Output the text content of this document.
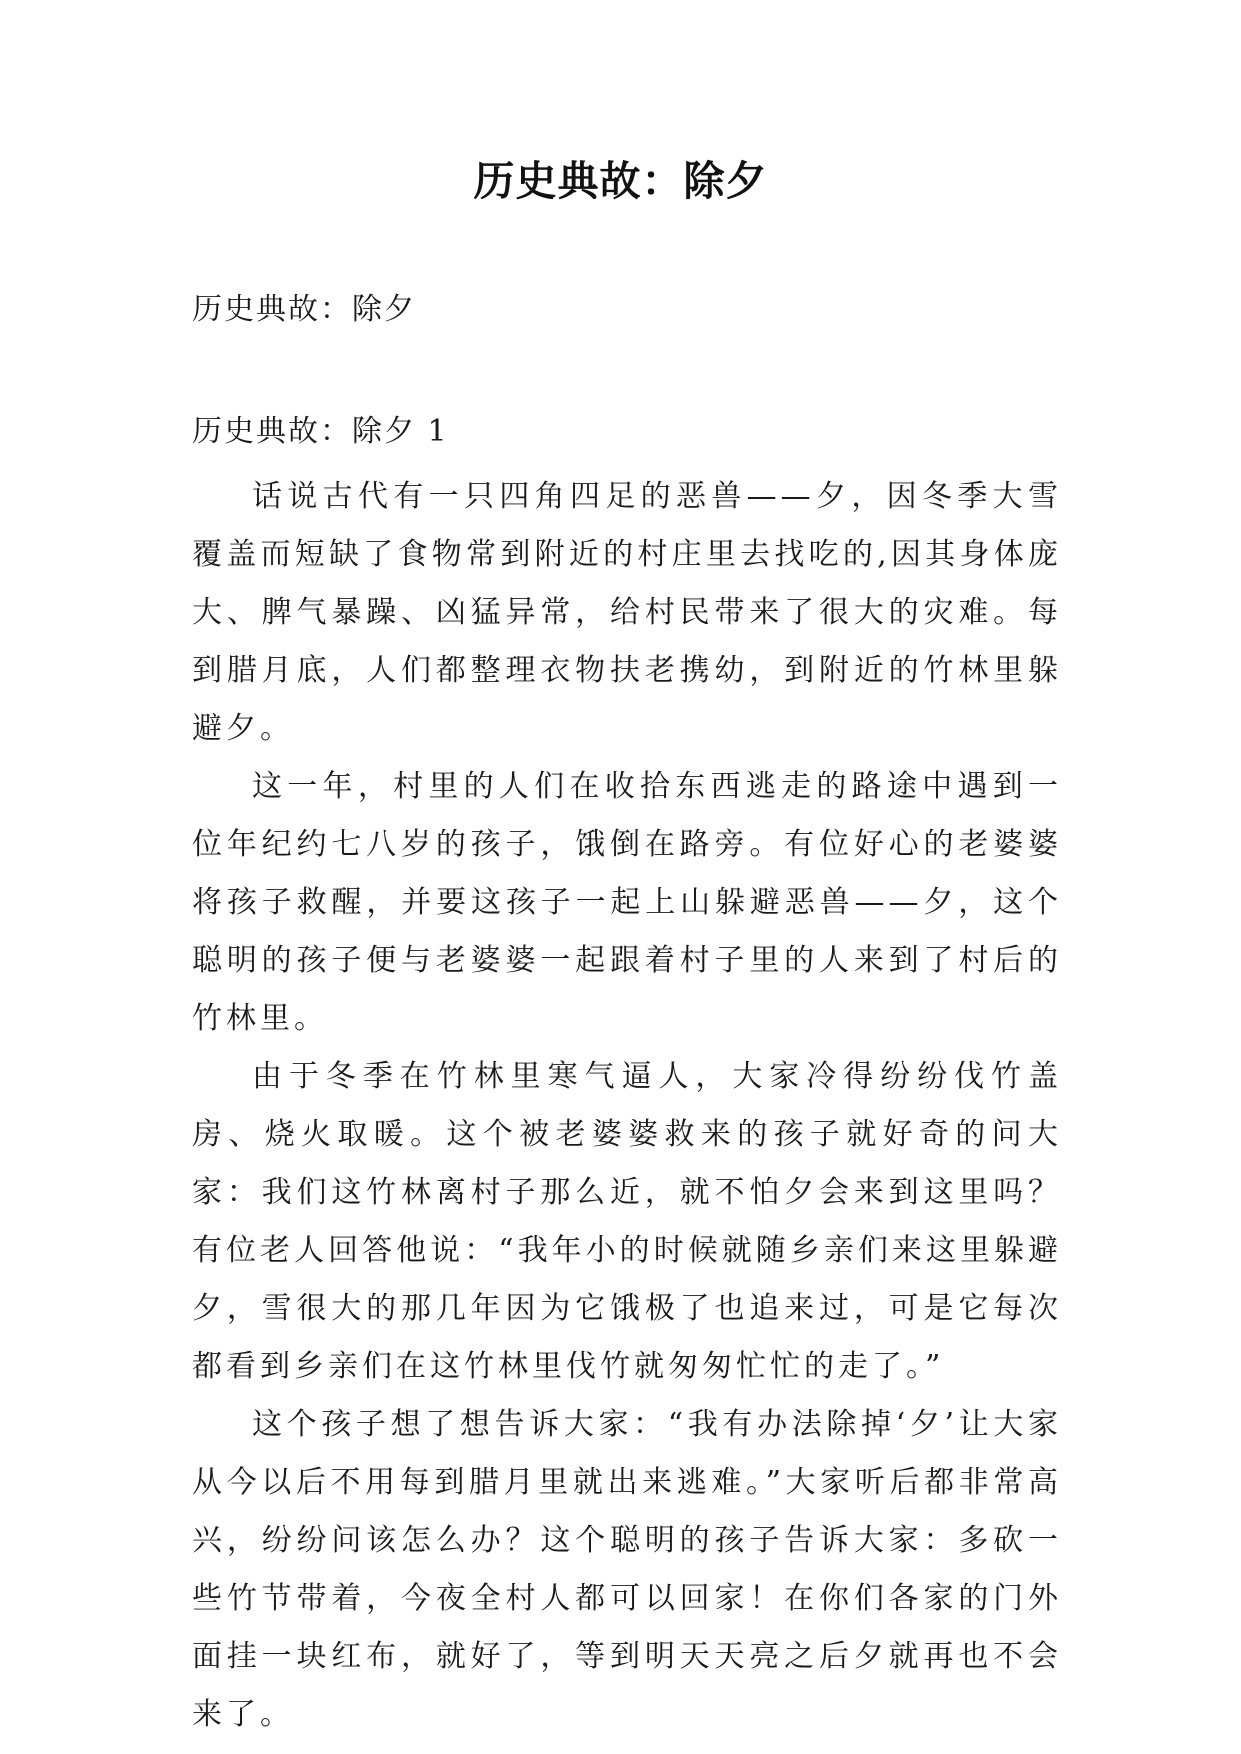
历史典故：除夕
历史典故：除夕
历史典故：除夕 1

话说古代有一只四角四足的恶兽——夕，因冬季大雪覆盖而短缺了食物常到附近的村庄里去找吃的,因其身体庞大、脾气暴躁、凶猛异常，给村民带来了很大的灾难。每到腊月底，人们都整理衣物扶老携幼，到附近的竹林里躲避夕。

这一年，村里的人们在收拾东西逃走的路途中遇到一位年纪约七八岁的孩子，饿倒在路旁。有位好心的老婆婆将孩子救醒，并要这孩子一起上山躲避恶兽——夕，这个聪明的孩子便与老婆婆一起跟着村子里的人来到了村后的竹林里。

由于冬季在竹林里寒气逼人，大家冷得纷纷伐竹盖房、烧火取暖。这个被老婆婆救来的孩子就好奇的问大家：我们这竹林离村子那么近，就不怕夕会来到这里吗？有位老人回答他说：“我年小的时候就随乡亲们来这里躲避夕，雪很大的那几年因为它饿极了也追来过，可是它每次都看到乡亲们在这竹林里伐竹就匆匆忙忙的走了。”

这个孩子想了想告诉大家：“我有办法除掉‘夕’让大家从今以后不用每到腊月里就出来逃难。”大家听后都非常高兴，纷纷问该怎么办？这个聪明的孩子告诉大家：多砍一些竹节带着，今夜全村人都可以回家！在你们各家的门外面挂一块红布，就好了，等到明天天亮之后夕就再也不会来了。
